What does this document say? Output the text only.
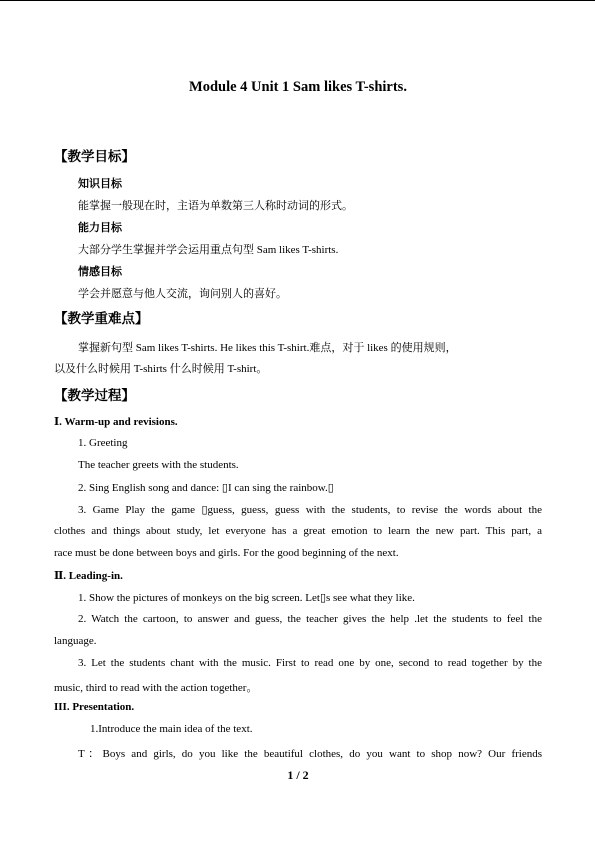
Module 4 Unit 1 Sam likes T-shirts.
【教学目标】
知识目标
能掌握一般现在时，主语为单数第三人称时动词的形式。
能力目标
大部分学生掌握并学会运用重点句型 Sam likes T-shirts.
情感目标
学会并愿意与他人交流，询问别人的喜好。
【教学重难点】
掌握新句型 Sam likes T-shirts. He likes this T-shirt.难点，对于 likes 的使用规则，
以及什么时候用 T-shirts 什么时候用 T-shirt。
【教学过程】
Ⅰ. Warm-up and revisions.
1. Greeting
The teacher greets with the students.
2. Sing English song and dance: ▯I can sing the rainbow.▯
3. Game Play the game ▯guess, guess, guess with the students, to revise the words about the
clothes and things about study, let everyone has a great emotion to learn the new part. This part, a
race must be done between boys and girls. For the good beginning of the next.
Ⅱ. Leading-in.
1. Show the pictures of monkeys on the big screen. Let▯s see what they like.
2. Watch the cartoon, to answer and guess, the teacher gives the help .let the students to feel the
language.
3. Let the students chant with the music. First to read one by one, second to read together by the
music, third to read with the action together。
III. Presentation.
1.Introduce the main idea of the text.
T：Boys and girls, do you like the beautiful clothes, do you want to shop now? Our friends
1 / 2
